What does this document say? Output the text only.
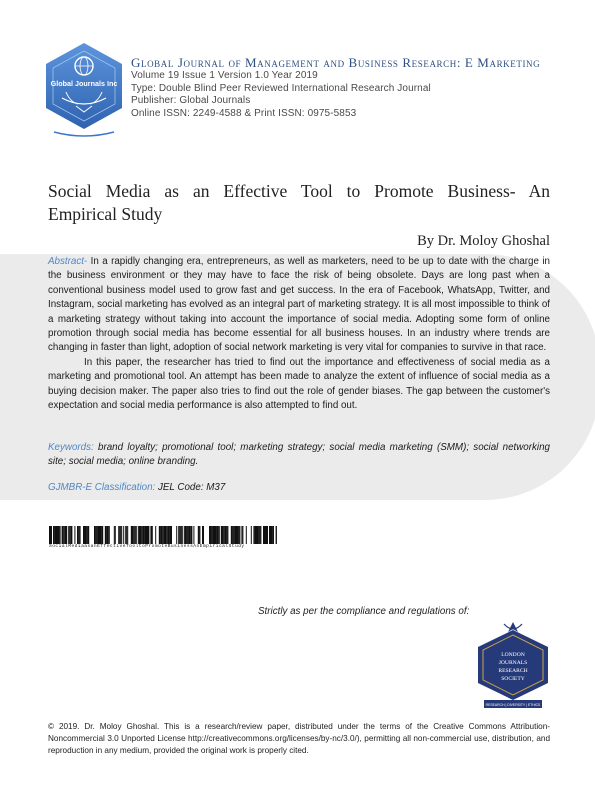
Global Journals Inc
Global Journal of Management and Business Research: E Marketing
Volume 19 Issue 1 Version 1.0 Year 2019
Type: Double Blind Peer Reviewed International Research Journal
Publisher: Global Journals
Online ISSN: 2249-4588 & Print ISSN: 0975-5853
Social Media as an Effective Tool to Promote Business- An
Empirical Study
By Dr. Moloy Ghoshal

Abstract- In a rapidly changing era, entrepreneurs, as well as marketers, need to be up to date with the charge in the business environment or they may have to face the risk of being obsolete. Days are long past when a conventional business model used to grow fast and get success. In the era of Facebook, WhatsApp, Twitter, and Instagram, social marketing has evolved as an integral part of marketing strategy. It is all most impossible to think of a marketing strategy without taking into account the importance of social media. Adopting some form of online promotion through social media has become essential for all business houses. In an industry where trends are changing in faster than light, adoption of social network marketing is very vital for companies to survive in that race.

In this paper, the researcher has tried to find out the importance and effectiveness of social media as a marketing and promotional tool. An attempt has been made to analyze the extent of influence of social media as a buying decision maker. The paper also tries to find out the role of gender biases. The gap between the customer's expectation and social media performance is also attempted to find out.

Keywords: brand loyalty; promotional tool; marketing strategy; social media marketing (SMM); social networking site; social media; online branding.
GJMBR-E Classification: JEL Code: M37
SocialMediaasanEffectiveTooltoPromoteBusinessAnEmpiricalStudy
Strictly as per the compliance and regulations of:
LONDON
JOURNALS
RESEARCH
SOCIETY
RESEARCH | DIVERSITY | ETHICS
© 2019. Dr. Moloy Ghoshal. This is a research/review paper, distributed under the terms of the Creative Commons Attribution-Noncommercial 3.0 Unported License http://creativecommons.org/licenses/by-nc/3.0/), permitting all non-commercial use, distribution, and reproduction in any medium, provided the original work is properly cited.
